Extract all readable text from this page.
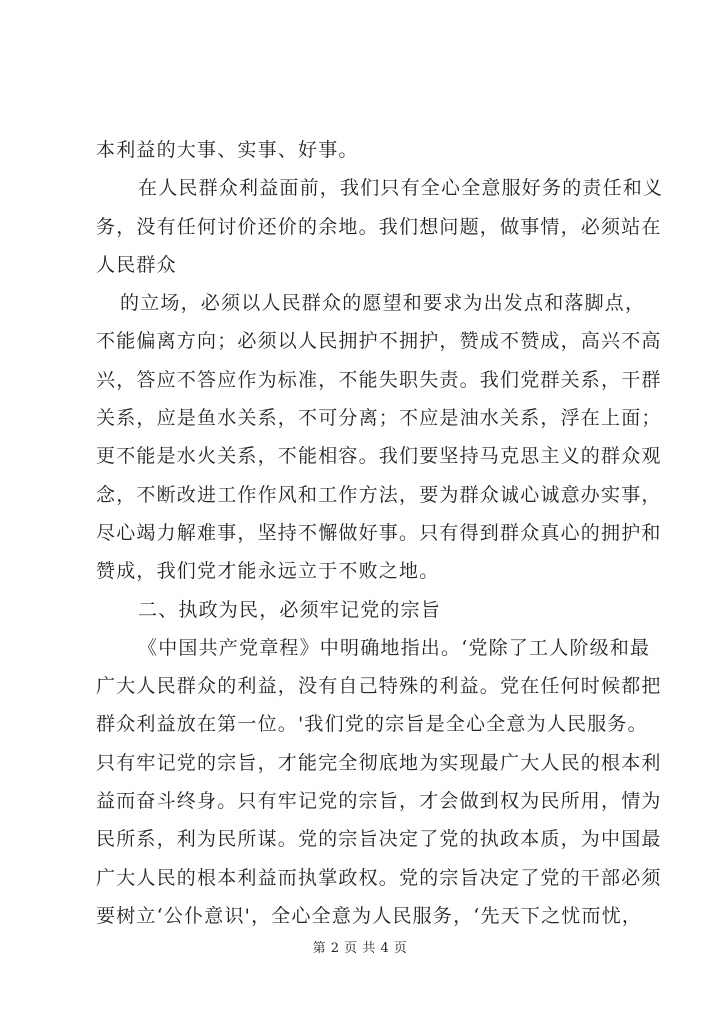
本利益的大事、实事、好事。
在人民群众利益面前，我们只有全心全意服好务的责任和义
务，没有任何讨价还价的余地。我们想问题，做事情，必须站在
人民群众
的立场，必须以人民群众的愿望和要求为出发点和落脚点，
不能偏离方向；必须以人民拥护不拥护，赞成不赞成，高兴不高
兴，答应不答应作为标准，不能失职失责。我们党群关系，干群
关系，应是鱼水关系，不可分离；不应是油水关系，浮在上面；
更不能是水火关系，不能相容。我们要坚持马克思主义的群众观
念，不断改进工作作风和工作方法，要为群众诚心诚意办实事，
尽心竭力解难事，坚持不懈做好事。只有得到群众真心的拥护和
赞成，我们党才能永远立于不败之地。
二、执政为民，必须牢记党的宗旨
《中国共产党章程》中明确地指出。‘党除了工人阶级和最
广大人民群众的利益，没有自己特殊的利益。党在任何时候都把
群众利益放在第一位。'我们党的宗旨是全心全意为人民服务。
只有牢记党的宗旨，才能完全彻底地为实现最广大人民的根本利
益而奋斗终身。只有牢记党的宗旨，才会做到权为民所用，情为
民所系，利为民所谋。党的宗旨决定了党的执政本质，为中国最
广大人民的根本利益而执掌政权。党的宗旨决定了党的干部必须
要树立‘公仆意识'，全心全意为人民服务，‘先天下之忧而忧，
第 2 页 共 4 页
